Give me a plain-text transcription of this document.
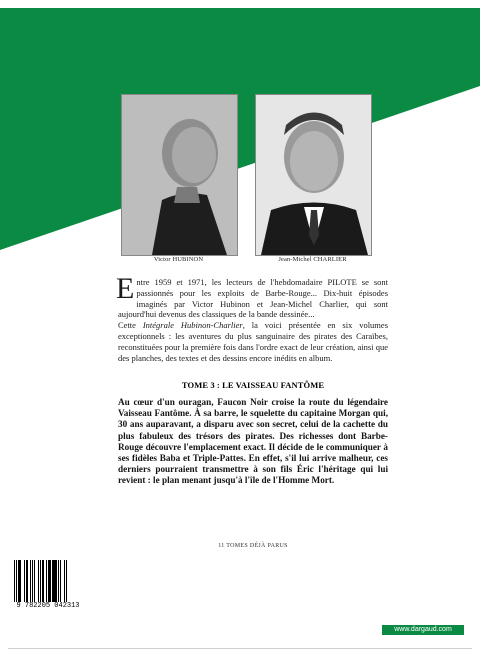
Victor HUBINON	Jean-Michel CHARLIER

Entre 1959 et 1971, les lecteurs de l'hebdomadaire PILOTE se sont passionnés pour les exploits de Barbe-Rouge... Dix-huit épisodes imaginés par Victor Hubinon et Jean-Michel Charlier, qui sont aujourd'hui devenus des classiques de la bande dessinée...

Cette Intégrale Hubinon-Charlier, la voici présentée en six volumes exceptionnels : les aventures du plus sanguinaire des pirates des Caraïbes, reconstituées pour la première fois dans l'ordre exact de leur création, ainsi que des planches, des textes et des dessins encore inédits en album.

TOME 3 : LE VAISSEAU FANTÔME
Au cœur d'un ouragan, Faucon Noir croise la route du légendaire Vaisseau Fantôme. À sa barre, le squelette du capitaine Morgan qui, 30 ans auparavant, a disparu avec son secret, celui de la cachette du plus fabuleux des trésors des pirates. Des richesses dont Barbe-Rouge découvre l'emplacement exact. Il décide de le communiquer à ses fidèles Baba et Triple-Pattes. En effet, s'il lui arrive malheur, ces derniers pourraient transmettre à son fils Éric l'héritage qui lui revient : le plan menant jusqu'à l'île de l'Homme Mort.
11 TOMES DÉJÀ PARUS
9 782205 042313
www.dargaud.com
